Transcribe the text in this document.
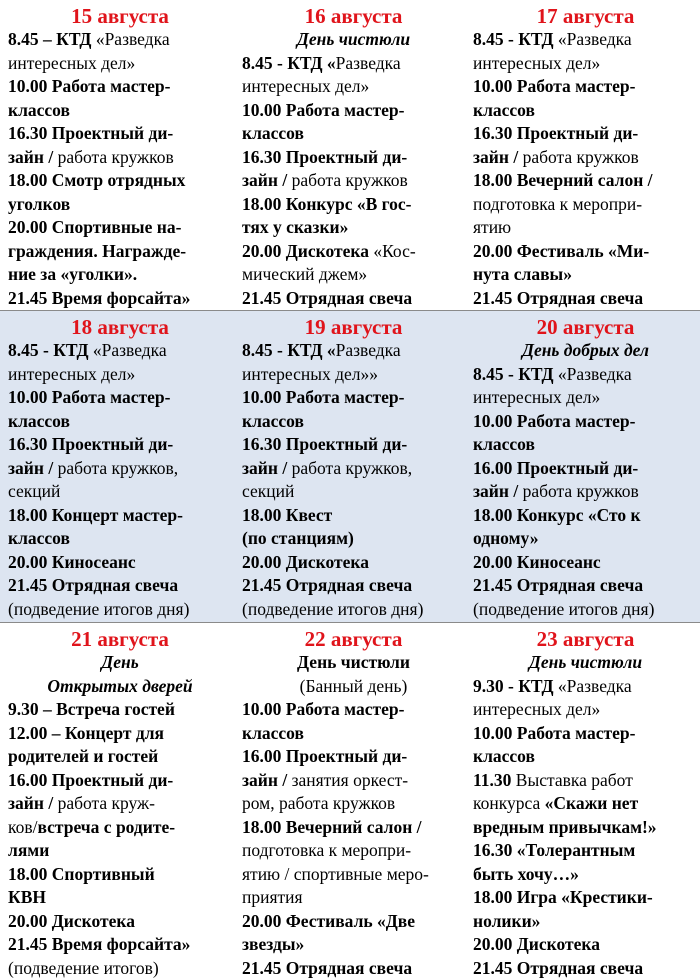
15 августа
8.45 – КТД «Разведка
интересных дел»
10.00 Работа мастер-
классов
16.30 Проектный ди-
зайн / работа кружков
18.00 Смотр отрядных
уголков
20.00 Спортивные на-
граждения. Награжде-
ние за «уголки».
21.45 Время форсайта»
16 августа
День чистюли
8.45 - КТД «Разведка
интересных дел»
10.00 Работа мастер-
классов
16.30 Проектный ди-
зайн / работа кружков
18.00 Конкурс «В гос-
тях у сказки»
20.00 Дискотека «Кос-
мический джем»
21.45 Отрядная свеча
17 августа
8.45 - КТД «Разведка
интересных дел»
10.00 Работа мастер-
классов
16.30 Проектный ди-
зайн / работа кружков
18.00 Вечерний салон /
подготовка к меропри-
ятию
20.00 Фестиваль «Ми-
нута славы»
21.45 Отрядная свеча
18 августа
8.45 - КТД «Разведка
интересных дел»
10.00 Работа мастер-
классов
16.30 Проектный ди-
зайн / работа кружков,
секций
18.00 Концерт мастер-
классов
20.00 Киносеанс
21.45 Отрядная свеча
(подведение итогов дня)
19 августа
8.45 - КТД «Разведка
интересных дел»»
10.00 Работа мастер-
классов
16.30 Проектный ди-
зайн / работа кружков,
секций
18.00 Квест
(по станциям)
20.00 Дискотека
21.45 Отрядная свеча
(подведение итогов дня)
20 августа
День добрых дел
8.45 - КТД «Разведка
интересных дел»
10.00 Работа мастер-
классов
16.00 Проектный ди-
зайн / работа кружков
18.00 Конкурс «Сто к
одному»
20.00 Киносеанс
21.45 Отрядная свеча
(подведение итогов дня)
21 августа
День
Открытых дверей
9.30 – Встреча гостей
12.00 – Концерт для
родителей и гостей
16.00 Проектный ди-
зайн / работа круж-
ков/встреча с родите-
лями
18.00 Спортивный
КВН
20.00 Дискотека
21.45 Время форсайта»
(подведение итогов)
22 августа
День чистюли
(Банный день)
10.00 Работа мастер-
классов
16.00 Проектный ди-
зайн / занятия оркест-
ром, работа кружков
18.00 Вечерний салон /
подготовка к меропри-
ятию / спортивные меро-
приятия
20.00 Фестиваль «Две
звезды»
21.45 Отрядная свеча
23 августа
День чистюли
9.30 - КТД «Разведка
интересных дел»
10.00 Работа мастер-
классов
11.30 Выставка работ
конкурса «Скажи нет
вредным привычкам!»
16.30 «Толерантным
быть хочу…»
18.00 Игра «Крестики-
нолики»
20.00 Дискотека
21.45 Отрядная свеча
